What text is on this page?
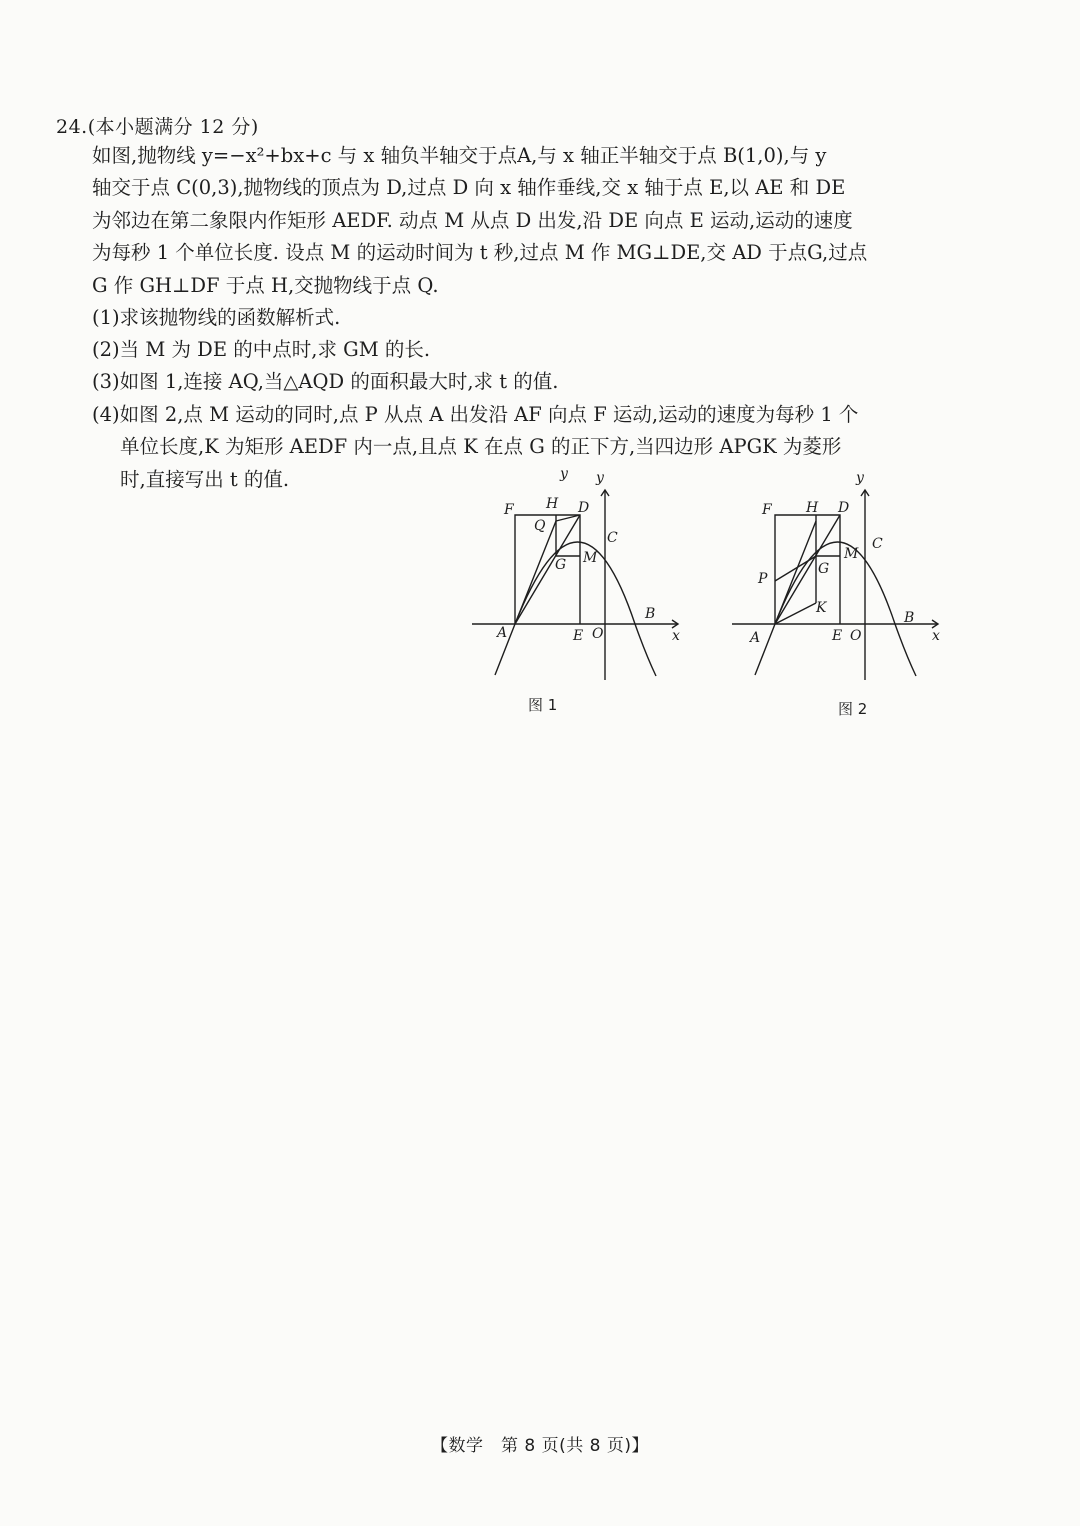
24.(本小题满分 12 分)
如图,抛物线 y=−x²+bx+c 与 x 轴负半轴交于点A,与 x 轴正半轴交于点 B(1,0),与 y
轴交于点 C(0,3),抛物线的顶点为 D,过点 D 向 x 轴作垂线,交 x 轴于点 E,以 AE 和 DE
为邻边在第二象限内作矩形 AEDF. 动点 M 从点 D 出发,沿 DE 向点 E 运动,运动的速度
为每秒 1 个单位长度. 设点 M 的运动时间为 t 秒,过点 M 作 MG⊥DE,交 AD 于点G,过点
G 作 GH⊥DF 于点 H,交抛物线于点 Q.
(1)求该抛物线的函数解析式.
(2)当 M 为 DE 的中点时,求 GM 的长.
(3)如图 1,连接 AQ,当△AQD 的面积最大时,求 t 的值.
(4)如图 2,点 M 运动的同时,点 P 从点 A 出发沿 AF 向点 F 运动,运动的速度为每秒 1 个
单位长度,K 为矩形 AEDF 内一点,且点 K 在点 G 的正下方,当四边形 APGK 为菱形
时,直接写出 t 的值.	y y
x
F H D
Q
C
G M
B
A	E O
图 1
y
x
F H D
C
M
G
P
K
B
A	E O
图 2
【数学　第 8 页(共 8 页)】
